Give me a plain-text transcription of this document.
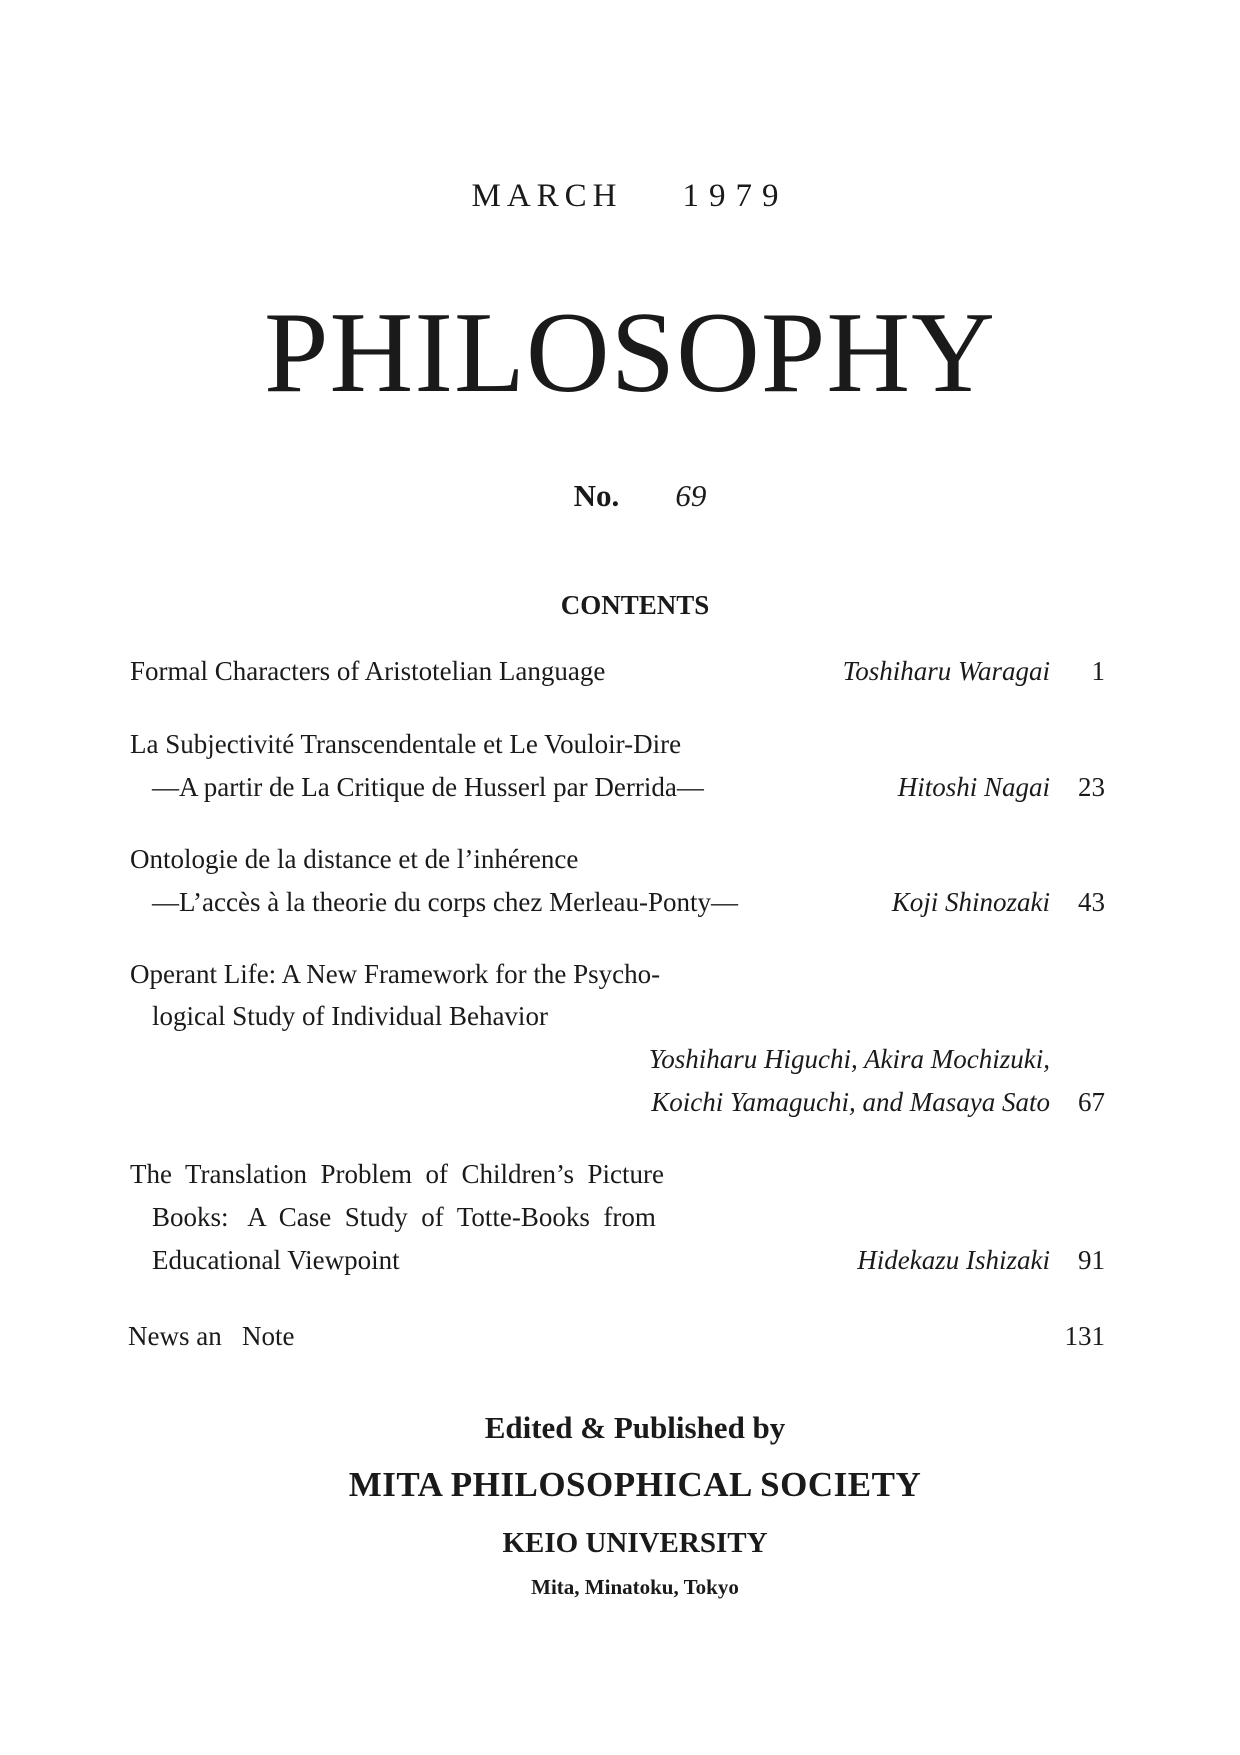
MARCH 1979
PHILOSOPHY
No. 69
CONTENTS
Formal Characters of Aristotelian Language	Toshiharu Waragai	1
La Subjectivité Transcendentale et Le Vouloir-Dire
—A partir de La Critique de Husserl par Derrida—	Hitoshi Nagai	23
Ontologie de la distance et de l’inhérence
—L’accès à la theorie du corps chez Merleau-Ponty—	Koji Shinozaki	43
Operant Life: A New Framework for the Psycho-
logical Study of Individual Behavior
Yoshiharu Higuchi, Akira Mochizuki,
Koichi Yamaguchi, and Masaya Sato	67
The  Translation  Problem  of  Children’s  Picture
Books:   A  Case  Study  of  Totte-Books  from
Educational Viewpoint	Hidekazu Ishizaki	91
News an   Note	131
Edited & Published by
MITA PHILOSOPHICAL SOCIETY
KEIO UNIVERSITY
Mita, Minatoku, Tokyo
